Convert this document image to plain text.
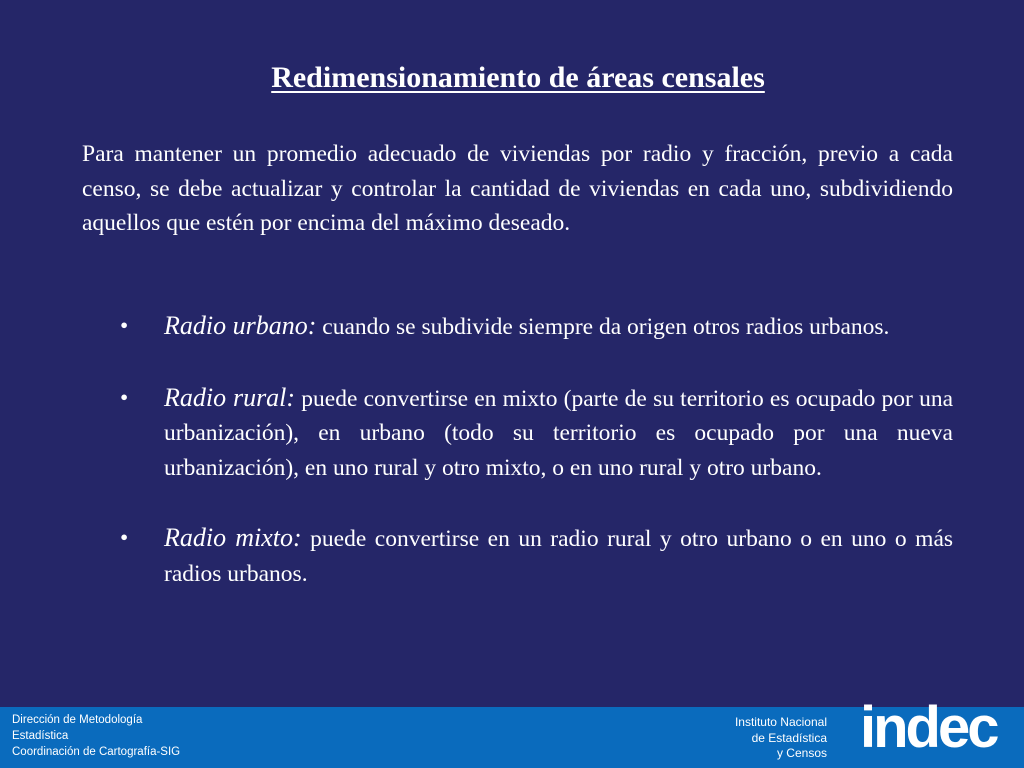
Redimensionamiento de áreas censales

Para mantener un promedio adecuado de viviendas por radio y fracción, previo a cada censo, se debe actualizar y controlar la cantidad de viviendas en cada uno, subdividiendo aquellos que estén por encima del máximo deseado.

• Radio urbano: cuando se subdivide siempre da origen otros radios urbanos.
• Radio rural: puede convertirse en mixto (parte de su territorio es ocupado por una urbanización), en urbano (todo su territorio es ocupado por una nueva urbanización), en uno rural y otro mixto, o en uno rural y otro urbano.
• Radio mixto: puede convertirse en un radio rural y otro urbano o en uno o más radios urbanos.
Dirección de Metodología
Estadística
Coordinación de Cartografía-SIG
Instituto Nacional
de Estadística
y Censos indec
